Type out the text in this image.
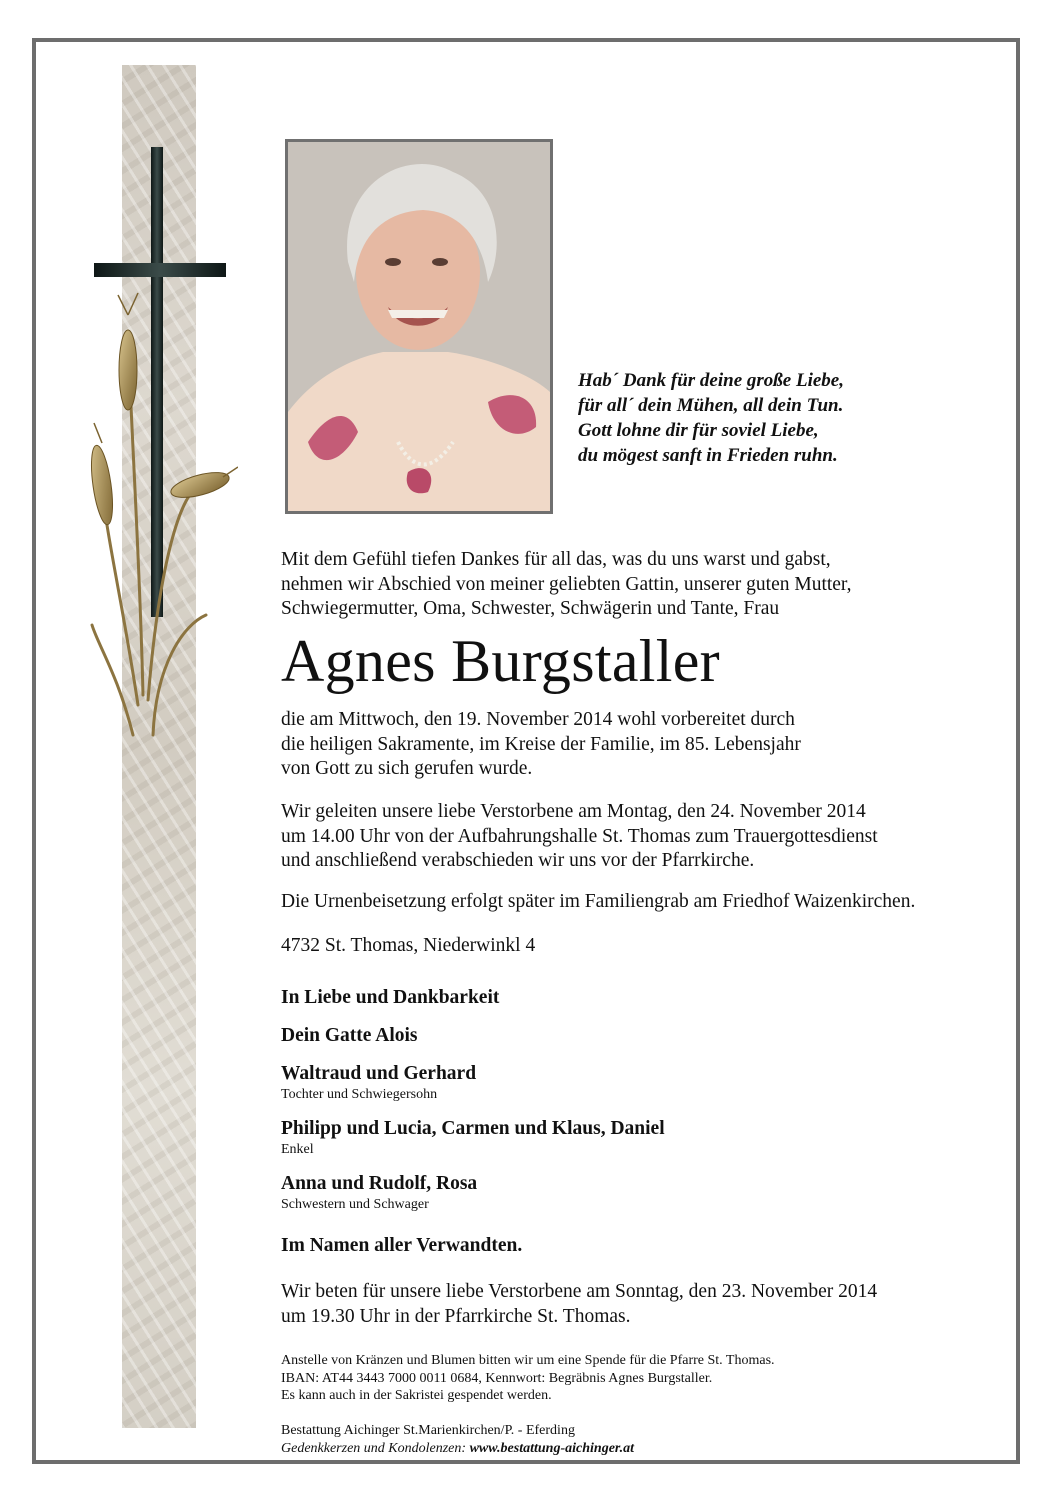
Hab´ Dank für deine große Liebe,
für all´ dein Mühen, all dein Tun.
Gott lohne dir für soviel Liebe,
du mögest sanft in Frieden ruhn.
Mit dem Gefühl tiefen Dankes für all das, was du uns warst und gabst,
nehmen wir Abschied von meiner geliebten Gattin, unserer guten Mutter,
Schwiegermutter, Oma, Schwester, Schwägerin und Tante, Frau
Agnes Burgstaller
die am Mittwoch, den 19. November 2014 wohl vorbereitet durch
die heiligen Sakramente, im Kreise der Familie, im 85. Lebensjahr
von Gott zu sich gerufen wurde.
Wir geleiten unsere liebe Verstorbene am Montag, den 24. November 2014
um 14.00 Uhr von der Aufbahrungshalle St. Thomas zum Trauergottesdienst
und anschließend verabschieden wir uns vor der Pfarrkirche.
Die Urnenbeisetzung erfolgt später im Familiengrab am Friedhof Waizenkirchen.
4732 St. Thomas, Niederwinkl 4
In Liebe und Dankbarkeit
Dein Gatte Alois
Waltraud und Gerhard
Tochter und Schwiegersohn
Philipp und Lucia, Carmen und Klaus, Daniel
Enkel
Anna und Rudolf, Rosa
Schwestern und Schwager
Im Namen aller Verwandten.
Wir beten für unsere liebe Verstorbene am Sonntag, den 23. November 2014
um 19.30 Uhr in der Pfarrkirche St. Thomas.
Anstelle von Kränzen und Blumen bitten wir um eine Spende für die Pfarre St. Thomas.
IBAN: AT44 3443 7000 0011 0684, Kennwort: Begräbnis Agnes Burgstaller.
Es kann auch in der Sakristei gespendet werden.
Bestattung Aichinger St.Marienkirchen/P. - Eferding
Gedenkkerzen und Kondolenzen: www.bestattung-aichinger.at
